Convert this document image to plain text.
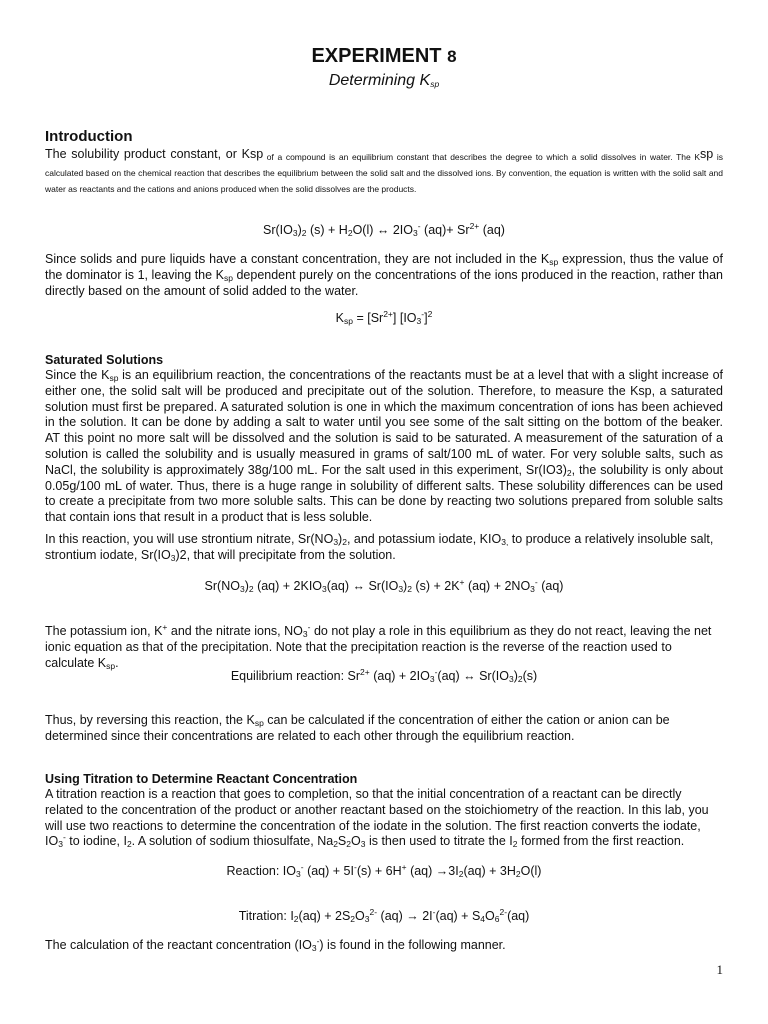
EXPERIMENT 8
Determining $K_{sp}$
Introduction

The solubility product constant, or Ksp $_{of a compound is an equilibrium constant that describes the degree to which a solid dissolves in water. The K}$sp $_{is calculated based on the chemical reaction that describes the equilibrium between the solid salt and the dissolved ions. By convention, the equation is written with the solid salt and water as reactants and the cations and anions produced when the solid dissolves are the products.}$

$Sr(IO_3)_2$ $(s) + H_2O(l)$ ↔ $2IO_3^-$ $(aq)+ Sr^{2+}$ (aq)

Since solids and pure liquids have a constant concentration, they are not included in the $K_{sp}$ expression, thus the value of the dominator is 1, leaving the $K_{sp}$ dependent purely on the concentrations of the ions produced in the reaction, rather than directly based on the amount of solid added to the water.

$K_{sp} = [Sr^{2+}]$ $[IO_3^-]^2$
Saturated Solutions

Since the $K_{sp}$ is an equilibrium reaction, the concentrations of the reactants must be at a level that with a slight increase of either one, the solid salt will be produced and precipitate out of the solution. Therefore, to measure the Ksp, a saturated solution must first be prepared. A saturated solution is one in which the maximum concentration of ions has been achieved in the solution. It can be done by adding a salt to water until you see some of the salt sitting on the bottom of the beaker. AT this point no more salt will be dissolved and the solution is said to be saturated. A measurement of the saturation of a solution is called the solubility and is usually measured in grams of salt/100 mL of water. For very soluble salts, such as NaCl, the solubility is approximately 38g/100 mL. For the salt used in this experiment, $Sr(IO3)_2$, the solubility is only about 0.05g/100 mL of water. Thus, there is a huge range in solubility of different salts. These solubility differences can be used to create a precipitate from two more soluble salts. This can be done by reacting two solutions prepared from soluble salts that contain ions that result in a product that is less soluble.

In this reaction, you will use strontium nitrate, $Sr(NO_3)_2$, and potassium iodate, $KIO_{3,}$ to produce a relatively insoluble salt, strontium iodate, $Sr(IO_3)2$, that will precipitate from the solution.

$Sr(NO_3)_2$ $(aq) + 2KIO_3(aq)$ ↔ $Sr(IO_3)_2$ (s) + 2K+ $(aq) + 2NO_3^-$ (aq)

The potassium ion, K+ and the nitrate ions, $NO_3^-$ do not play a role in this equilibrium as they do not react, leaving the net ionic equation as that of the precipitation. Note that the precipitation reaction is the reverse of the reaction used to calculate $K_{sp}$.

Equilibrium reaction: $Sr^{2+}$ $(aq) + 2IO_3^-(aq)$ ↔ $Sr(IO_3)_2(s)$

Thus, by reversing this reaction, the $K_{sp}$ can be calculated if the concentration of either the cation or anion can be determined since their concentrations are related to each other through the equilibrium reaction.

Using Titration to Determine Reactant Concentration

A titration reaction is a reaction that goes to completion, so that the initial concentration of a reactant can be directly related to the concentration of the product or another reactant based on the stoichiometry of the reaction. In this lab, you will use two reactions to determine the concentration of the iodate in the solution. The first reaction converts the iodate, $IO_3^-$ to iodine, $I_2$. A solution of sodium thiosulfate, $Na_2S_2O_3$ is then used to titrate the $I_2$ formed from the first reaction.

Reaction: $IO_3^-$ (aq) + 5I-(s) + 6H+ $(aq) \to 3I_2(aq) + 3H_2O(l)$
Titration: $I_2(aq) + 2S_2O_3^{2-}$ $(aq) \to 2I^-(aq) + S_4O_6^{2-}(aq)$

The calculation of the reactant concentration $(IO_3^-)$ is found in the following manner.

1
